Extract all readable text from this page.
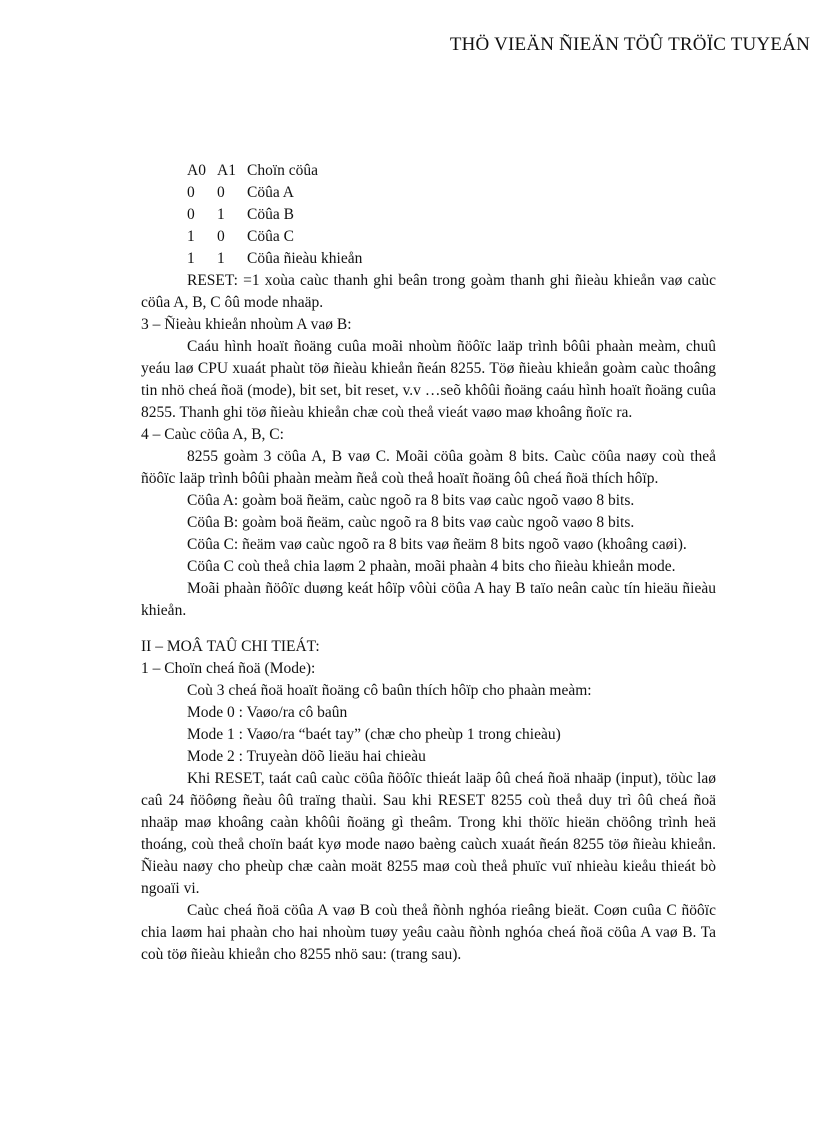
THÖ VIEÄN ÑIEÄN TÖÛ TRÖÏC TUYEÁN
A0 A1 Choïn cöûa
0	0	Cöûa A
0	1	Cöûa B
1	0	Cöûa C
1	1	Cöûa ñieàu khieån
RESET: =1 xoùa caùc thanh ghi beân trong goàm thanh ghi ñieàu khieån vaø caùc cöûa A, B, C ôû mode nhaäp.
3 – Ñieàu khieån nhoùm A vaø B:
Caáu hình hoaït ñoäng cuûa moãi nhoùm ñöôïc laäp trình bôûi phaàn meàm, chuû yeáu laø CPU xuaát phaùt töø ñieàu khieån ñeán 8255. Töø ñieàu khieån goàm caùc thoâng tin nhö cheá ñoä (mode), bit set, bit reset, v.v …seõ khôûi ñoäng caáu hình hoaït ñoäng cuûa 8255. Thanh ghi töø ñieàu khieån chæ coù theå vieát vaøo maø khoâng ñoïc ra.
4 – Caùc cöûa A, B, C:
8255 goàm 3 cöûa A, B vaø C. Moãi cöûa goàm 8 bits. Caùc cöûa naøy coù theå ñöôïc laäp trình bôûi phaàn meàm ñeå coù theå hoaït ñoäng ôû cheá ñoä thích hôïp.
Cöûa A: goàm boä ñeäm, caùc ngoõ ra 8 bits vaø caùc ngoõ vaøo 8 bits.
Cöûa B: goàm boä ñeäm, caùc ngoõ ra 8 bits vaø caùc ngoõ vaøo 8 bits.
Cöûa C: ñeäm vaø caùc ngoõ ra 8 bits vaø ñeäm 8 bits ngoõ vaøo (khoâng caøi).
Cöûa C coù theå chia laøm 2 phaàn, moãi phaàn 4 bits cho ñieàu khieån mode.
Moãi phaàn ñöôïc duøng keát hôïp vôùi cöûa A hay B taïo neân caùc tín hieäu ñieàu khieån.
II – MOÂ TAÛ CHI TIEÁT:
1 – Choïn cheá ñoä (Mode):
Coù 3 cheá ñoä hoaït ñoäng cô baûn thích hôïp cho phaàn meàm:
Mode 0 : Vaøo/ra cô baûn
Mode 1 : Vaøo/ra “baét tay” (chæ cho pheùp 1 trong chieàu)
Mode 2 : Truyeàn döõ lieäu hai chieàu
Khi RESET, taát caû caùc cöûa ñöôïc thieát laäp ôû cheá ñoä nhaäp (input), töùc laø caû 24 ñöôøng ñeàu ôû traïng thaùi. Sau khi RESET 8255 coù theå duy trì ôû cheá ñoä nhaäp maø khoâng caàn khôûi ñoäng gì theâm. Trong khi thöïc hieän chöông trình heä thoáng, coù theå choïn baát kyø mode naøo baèng caùch xuaát ñeán 8255 töø ñieàu khieån. Ñieàu naøy cho pheùp chæ caàn moät 8255 maø coù theå phuïc vuï nhieàu kieåu thieát bò ngoaïi vi.
Caùc cheá ñoä cöûa A vaø B coù theå ñònh nghóa rieâng bieät. Coøn cuûa C ñöôïc chia laøm hai phaàn cho hai nhoùm tuøy yeâu caàu ñònh nghóa cheá ñoä cöûa A vaø B. Ta coù töø ñieàu khieån cho 8255 nhö sau: (trang sau).
